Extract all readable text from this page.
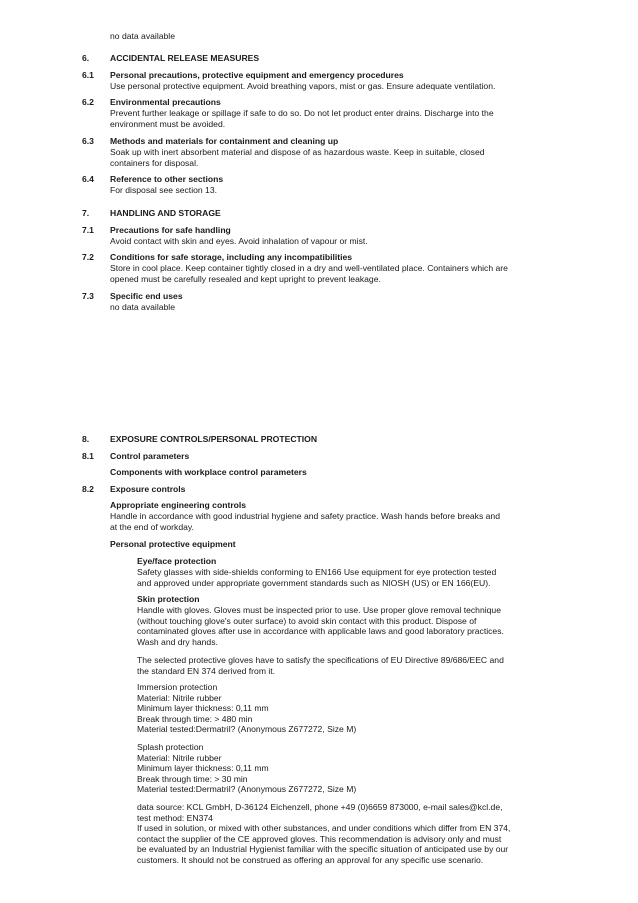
no data available
6. ACCIDENTAL RELEASE MEASURES
6.1 Personal precautions, protective equipment and emergency procedures
Use personal protective equipment. Avoid breathing vapors, mist or gas. Ensure adequate ventilation.
6.2 Environmental precautions
Prevent further leakage or spillage if safe to do so. Do not let product enter drains. Discharge into the
environment must be avoided.
6.3 Methods and materials for containment and cleaning up
Soak up with inert absorbent material and dispose of as hazardous waste. Keep in suitable, closed
containers for disposal.
6.4 Reference to other sections
For disposal see section 13.
7. HANDLING AND STORAGE
7.1 Precautions for safe handling
Avoid contact with skin and eyes. Avoid inhalation of vapour or mist.
7.2 Conditions for safe storage, including any incompatibilities
Store in cool place. Keep container tightly closed in a dry and well-ventilated place. Containers which are
opened must be carefully resealed and kept upright to prevent leakage.
7.3 Specific end uses
no data available
8. EXPOSURE CONTROLS/PERSONAL PROTECTION
8.1 Control parameters
Components with workplace control parameters
8.2 Exposure controls
Appropriate engineering controls
Handle in accordance with good industrial hygiene and safety practice. Wash hands before breaks and
at the end of workday.
Personal protective equipment
Eye/face protection
Safety glasses with side-shields conforming to EN166 Use equipment for eye protection tested
and approved under appropriate government standards such as NIOSH (US) or EN 166(EU).
Skin protection
Handle with gloves. Gloves must be inspected prior to use. Use proper glove removal technique
(without touching glove's outer surface) to avoid skin contact with this product. Dispose of
contaminated gloves after use in accordance with applicable laws and good laboratory practices.
Wash and dry hands.
The selected protective gloves have to satisfy the specifications of EU Directive 89/686/EEC and
the standard EN 374 derived from it.
Immersion protection
Material: Nitrile rubber
Minimum layer thickness: 0,11 mm
Break through time: > 480 min
Material tested:Dermatril? (Anonymous Z677272, Size M)
Splash protection
Material: Nitrile rubber
Minimum layer thickness: 0,11 mm
Break through time: > 30 min
Material tested:Dermatril? (Anonymous Z677272, Size M)
data source: KCL GmbH, D-36124 Eichenzell, phone +49 (0)6659 873000, e-mail sales@kcl.de,
test method: EN374
If used in solution, or mixed with other substances, and under conditions which differ from EN 374,
contact the supplier of the CE approved gloves. This recommendation is advisory only and must
be evaluated by an Industrial Hygienist familiar with the specific situation of anticipated use by our
customers. It should not be construed as offering an approval for any specific use scenario.
